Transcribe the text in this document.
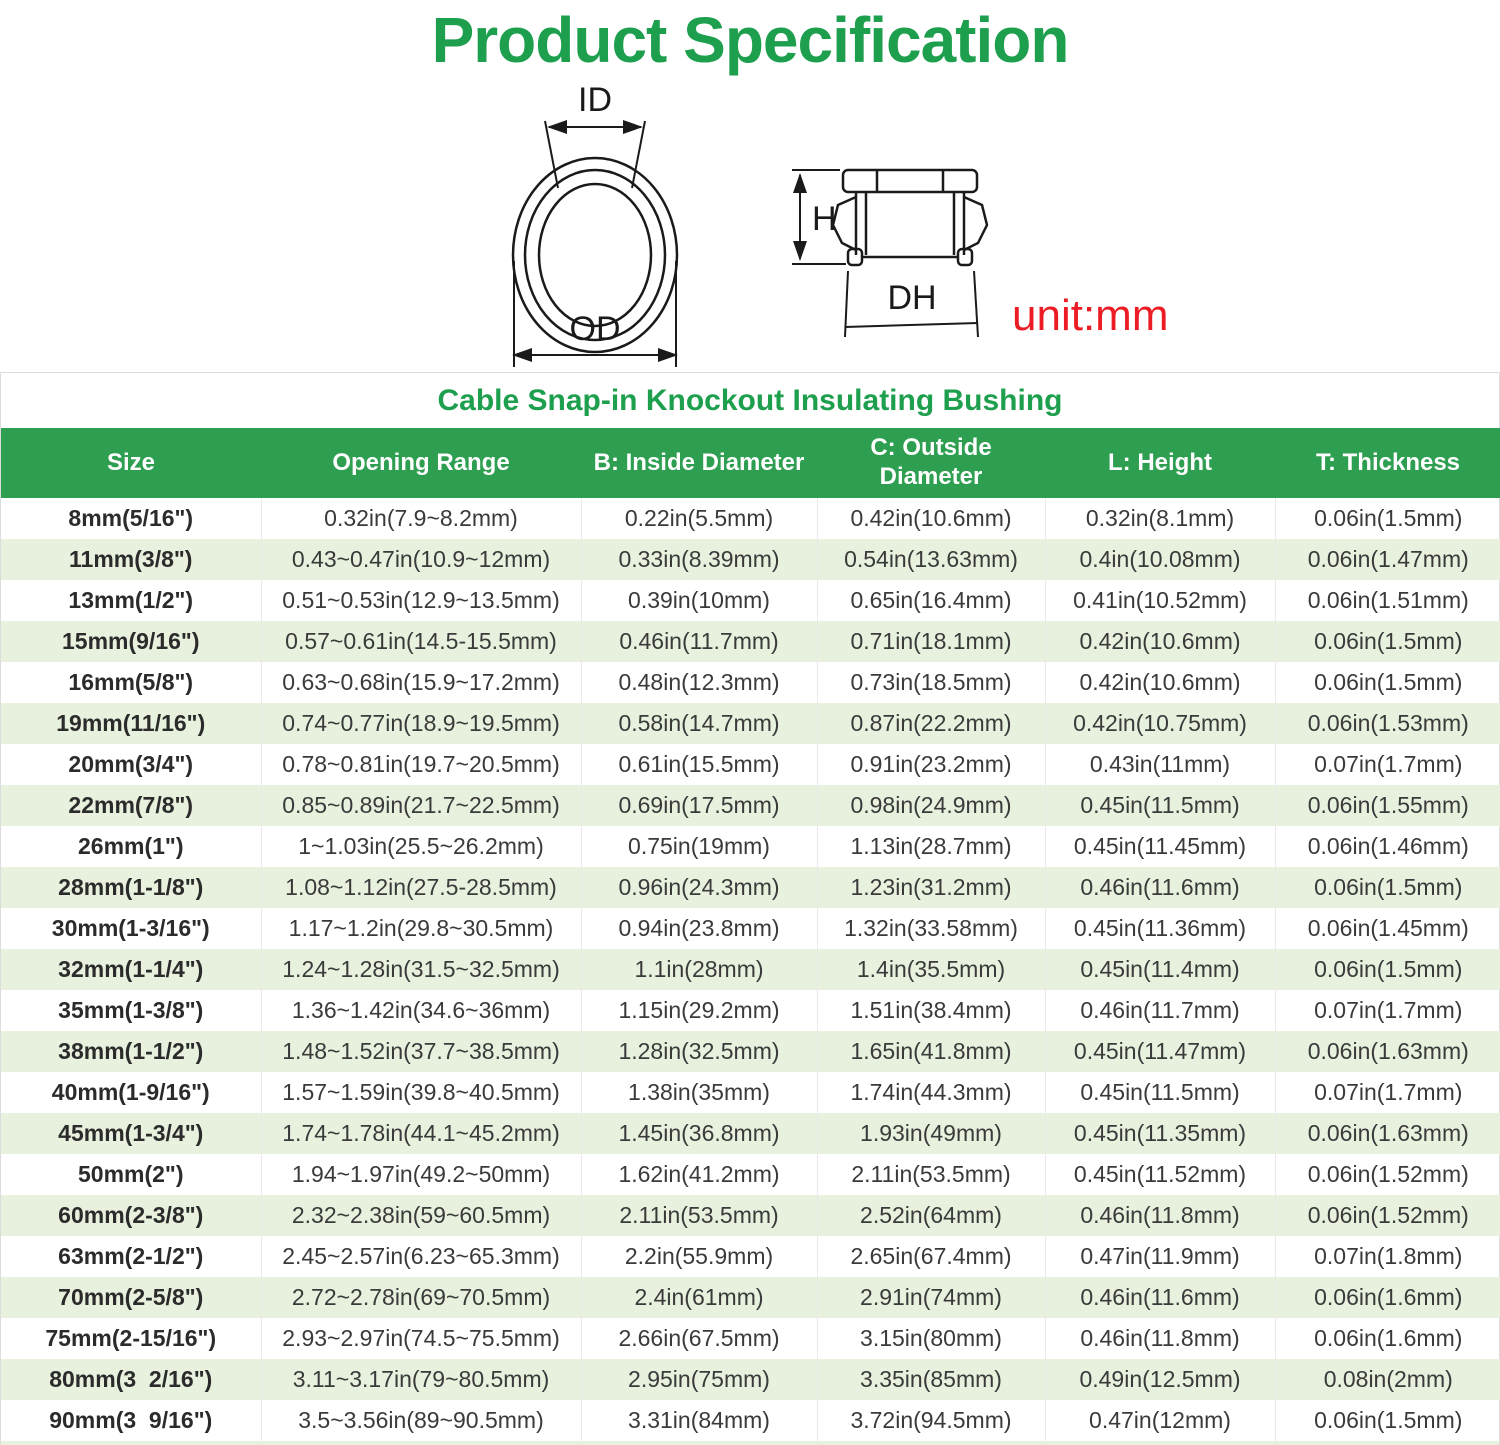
Product Specification
ID
OD
H
DH unit:mm
Cable Snap-in Knockout Insulating Bushing
Size	Opening Range	B: Inside Diameter	C: Outside Diameter	L: Height	T: Thickness
8mm(5/16")	0.32in(7.9~8.2mm)	0.22in(5.5mm)	0.42in(10.6mm)	0.32in(8.1mm)	0.06in(1.5mm)
11mm(3/8")	0.43~0.47in(10.9~12mm)	0.33in(8.39mm)	0.54in(13.63mm)	0.4in(10.08mm)	0.06in(1.47mm)
13mm(1/2")	0.51~0.53in(12.9~13.5mm)	0.39in(10mm)	0.65in(16.4mm)	0.41in(10.52mm)	0.06in(1.51mm)
15mm(9/16")	0.57~0.61in(14.5-15.5mm)	0.46in(11.7mm)	0.71in(18.1mm)	0.42in(10.6mm)	0.06in(1.5mm)
16mm(5/8")	0.63~0.68in(15.9~17.2mm)	0.48in(12.3mm)	0.73in(18.5mm)	0.42in(10.6mm)	0.06in(1.5mm)
19mm(11/16")	0.74~0.77in(18.9~19.5mm)	0.58in(14.7mm)	0.87in(22.2mm)	0.42in(10.75mm)	0.06in(1.53mm)
20mm(3/4")	0.78~0.81in(19.7~20.5mm)	0.61in(15.5mm)	0.91in(23.2mm)	0.43in(11mm)	0.07in(1.7mm)
22mm(7/8")	0.85~0.89in(21.7~22.5mm)	0.69in(17.5mm)	0.98in(24.9mm)	0.45in(11.5mm)	0.06in(1.55mm)
26mm(1")	1~1.03in(25.5~26.2mm)	0.75in(19mm)	1.13in(28.7mm)	0.45in(11.45mm)	0.06in(1.46mm)
28mm(1-1/8")	1.08~1.12in(27.5-28.5mm)	0.96in(24.3mm)	1.23in(31.2mm)	0.46in(11.6mm)	0.06in(1.5mm)
30mm(1-3/16")	1.17~1.2in(29.8~30.5mm)	0.94in(23.8mm)	1.32in(33.58mm)	0.45in(11.36mm)	0.06in(1.45mm)
32mm(1-1/4")	1.24~1.28in(31.5~32.5mm)	1.1in(28mm)	1.4in(35.5mm)	0.45in(11.4mm)	0.06in(1.5mm)
35mm(1-3/8")	1.36~1.42in(34.6~36mm)	1.15in(29.2mm)	1.51in(38.4mm)	0.46in(11.7mm)	0.07in(1.7mm)
38mm(1-1/2")	1.48~1.52in(37.7~38.5mm)	1.28in(32.5mm)	1.65in(41.8mm)	0.45in(11.47mm)	0.06in(1.63mm)
40mm(1-9/16")	1.57~1.59in(39.8~40.5mm)	1.38in(35mm)	1.74in(44.3mm)	0.45in(11.5mm)	0.07in(1.7mm)
45mm(1-3/4")	1.74~1.78in(44.1~45.2mm)	1.45in(36.8mm)	1.93in(49mm)	0.45in(11.35mm)	0.06in(1.63mm)
50mm(2")	1.94~1.97in(49.2~50mm)	1.62in(41.2mm)	2.11in(53.5mm)	0.45in(11.52mm)	0.06in(1.52mm)
60mm(2-3/8")	2.32~2.38in(59~60.5mm)	2.11in(53.5mm)	2.52in(64mm)	0.46in(11.8mm)	0.06in(1.52mm)
63mm(2-1/2")	2.45~2.57in(6.23~65.3mm)	2.2in(55.9mm)	2.65in(67.4mm)	0.47in(11.9mm)	0.07in(1.8mm)
70mm(2-5/8")	2.72~2.78in(69~70.5mm)	2.4in(61mm)	2.91in(74mm)	0.46in(11.6mm)	0.06in(1.6mm)
75mm(2-15/16")	2.93~2.97in(74.5~75.5mm)	2.66in(67.5mm)	3.15in(80mm)	0.46in(11.8mm)	0.06in(1.6mm)
80mm(3  2/16")	3.11~3.17in(79~80.5mm)	2.95in(75mm)	3.35in(85mm)	0.49in(12.5mm)	0.08in(2mm)
90mm(3  9/16")	3.5~3.56in(89~90.5mm)	3.31in(84mm)	3.72in(94.5mm)	0.47in(12mm)	0.06in(1.5mm)
